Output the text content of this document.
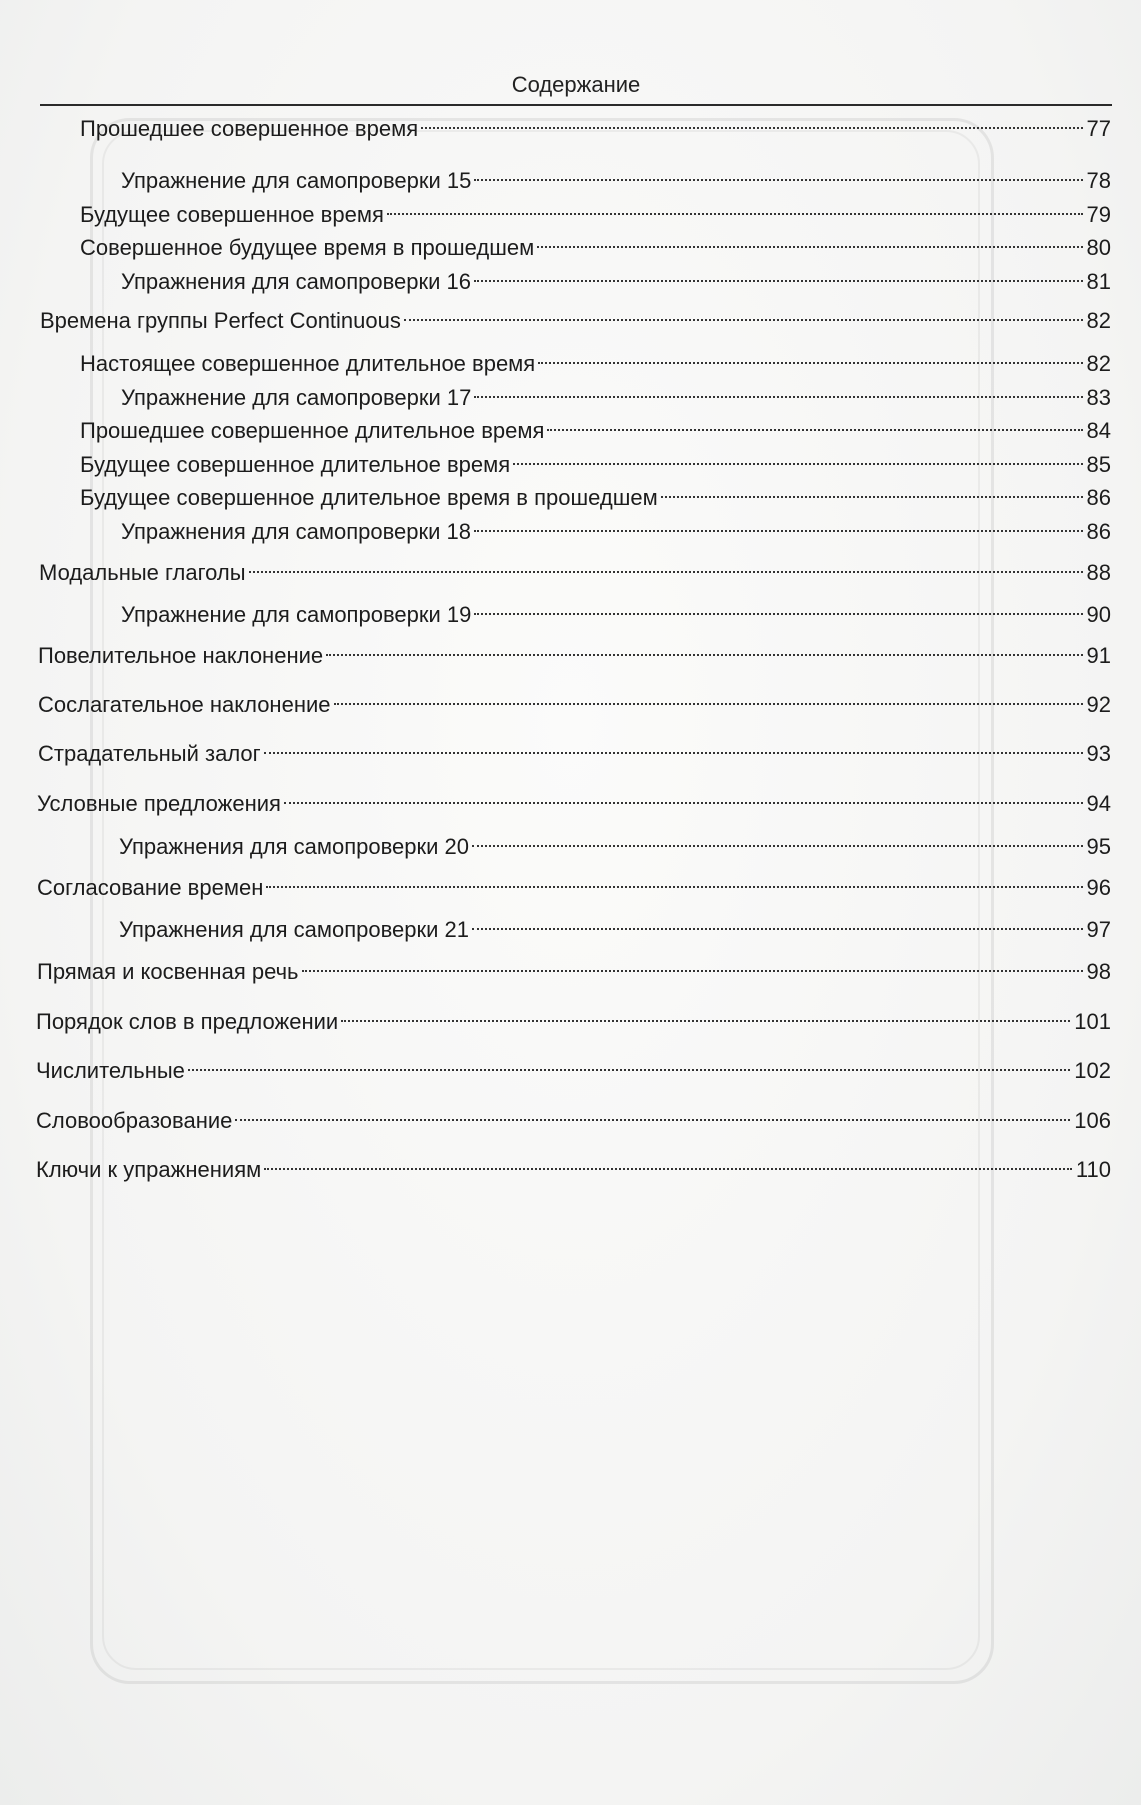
Содержание
Прошедшее совершенное время	77
Упражнение для самопроверки 15	78
Будущее совершенное время	79
Совершенное будущее время в прошедшем	80
Упражнения для самопроверки 16	81
Времена группы Perfect Continuous	82
Настоящее совершенное длительное время	82
Упражнение для самопроверки 17	83
Прошедшее совершенное длительное время	84
Будущее совершенное длительное время	85
Будущее совершенное длительное время в прошедшем	86
Упражнения для самопроверки 18	86
Модальные глаголы	88
Упражнение для самопроверки 19	90
Повелительное наклонение	91
Сослагательное наклонение	92
Страдательный залог	93
Условные предложения	94
Упражнения для самопроверки 20	95
Согласование времен	96
Упражнения для самопроверки 21	97
Прямая и косвенная речь	98
Порядок слов в предложении	101
Числительные	102
Словообразование	106
Ключи к упражнениям	110
